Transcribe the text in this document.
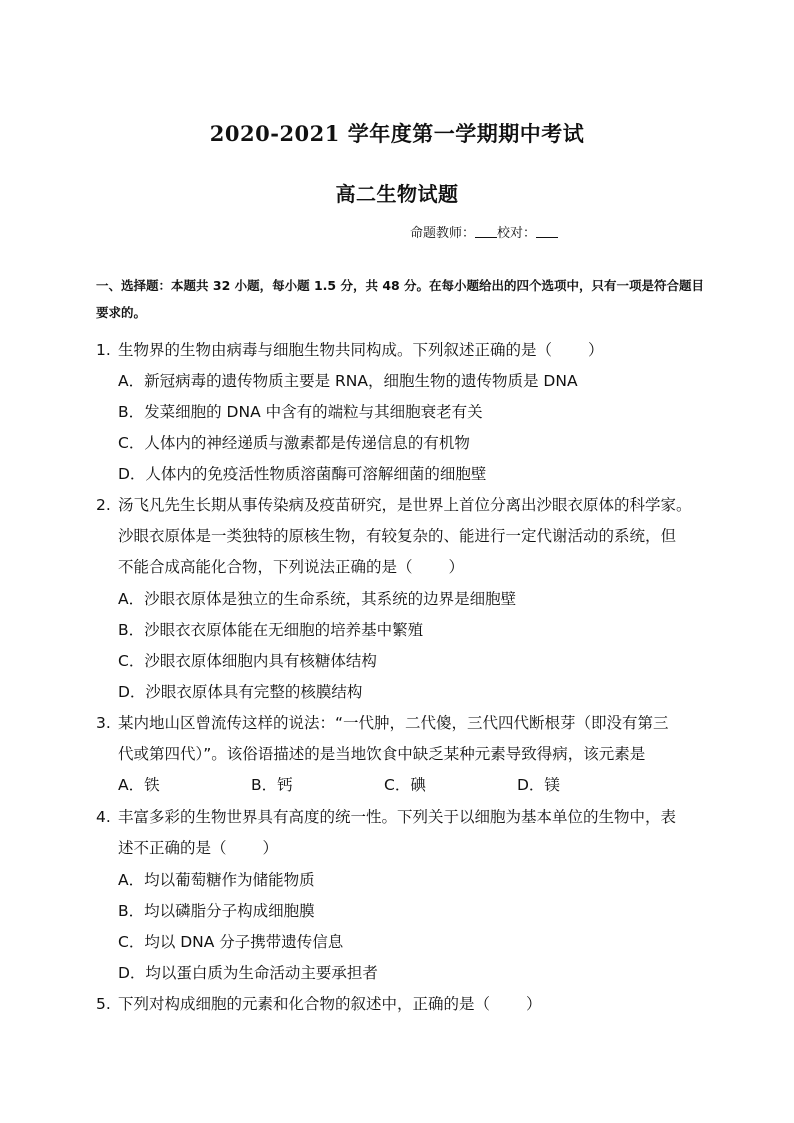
2020-2021 学年度第一学期期中考试
高二生物试题
命题教师： 校对：
一、选择题：本题共 32 小题，每小题 1.5 分，共 48 分。在每小题给出的四个选项中，只有一项是符合题目要求的。
1. 生物界的生物由病毒与细胞生物共同构成。下列叙述正确的是（ ）
A．新冠病毒的遗传物质主要是 RNA，细胞生物的遗传物质是 DNA
B．发菜细胞的 DNA 中含有的端粒与其细胞衰老有关
C．人体内的神经递质与激素都是传递信息的有机物
D．人体内的免疫活性物质溶菌酶可溶解细菌的细胞壁
2. 汤飞凡先生长期从事传染病及疫苗研究，是世界上首位分离出沙眼衣原体的科学家。
沙眼衣原体是一类独特的原核生物，有较复杂的、能进行一定代谢活动的系统，但
不能合成高能化合物，下列说法正确的是（ ）
A．沙眼衣原体是独立的生命系统，其系统的边界是细胞壁
B．沙眼衣衣原体能在无细胞的培养基中繁殖
C．沙眼衣原体细胞内具有核糖体结构
D．沙眼衣原体具有完整的核膜结构
3. 某内地山区曾流传这样的说法：“一代肿，二代傻，三代四代断根芽（即没有第三
代或第四代）”。该俗语描述的是当地饮食中缺乏某种元素导致得病，该元素是
A．铁	B．钙	C．碘	D．镁
4. 丰富多彩的生物世界具有高度的统一性。下列关于以细胞为基本单位的生物中，表
述不正确的是（ ）
A．均以葡萄糖作为储能物质
B．均以磷脂分子构成细胞膜
C．均以 DNA 分子携带遗传信息
D．均以蛋白质为生命活动主要承担者
5. 下列对构成细胞的元素和化合物的叙述中，正确的是（ ）
